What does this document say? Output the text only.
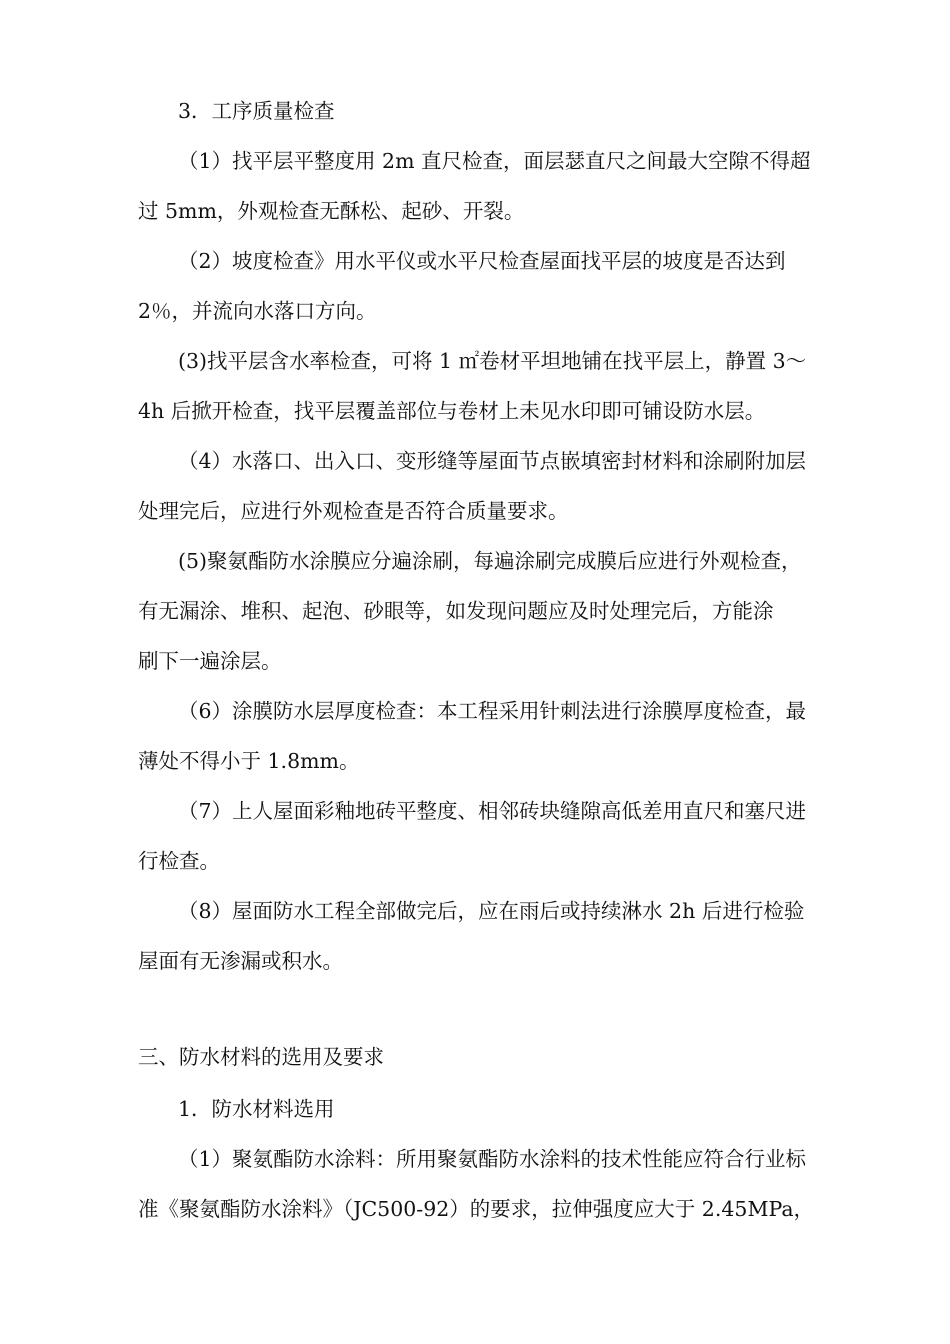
3．工序质量检查
（1）找平层平整度用 2m 直尺检查，面层瑟直尺之间最大空隙不得超
过 5mm，外观检查无酥松、起砂、开裂。
（2）坡度检查》用水平仪或水平尺检查屋面找平层的坡度是否达到
2％，并流向水落口方向。
(3)找平层含水率检查，可将 1 ㎡卷材平坦地铺在找平层上，静置 3～
4h 后掀开检查，找平层覆盖部位与卷材上未见水印即可铺设防水层。
（4）水落口、出入口、变形缝等屋面节点嵌填密封材料和涂刷附加层
处理完后，应进行外观检查是否符合质量要求。
(5)聚氨酯防水涂膜应分遍涂刷，每遍涂刷完成膜后应进行外观检查，
有无漏涂、堆积、起泡、砂眼等，如发现问题应及时处理完后，方能涂
刷下一遍涂层。
（6）涂膜防水层厚度检查：本工程采用针刺法进行涂膜厚度检查，最
薄处不得小于 1.8mm。
（7）上人屋面彩釉地砖平整度、相邻砖块缝隙高低差用直尺和塞尺进
行检查。
（8）屋面防水工程全部做完后，应在雨后或持续淋水 2h 后进行检验
屋面有无渗漏或积水。
三、防水材料的选用及要求
1．防水材料选用
（1）聚氨酯防水涂料：所用聚氨酯防水涂料的技术性能应符合行业标
准《聚氨酯防水涂料》（JC500-92）的要求，拉伸强度应大于 2.45MPa，
